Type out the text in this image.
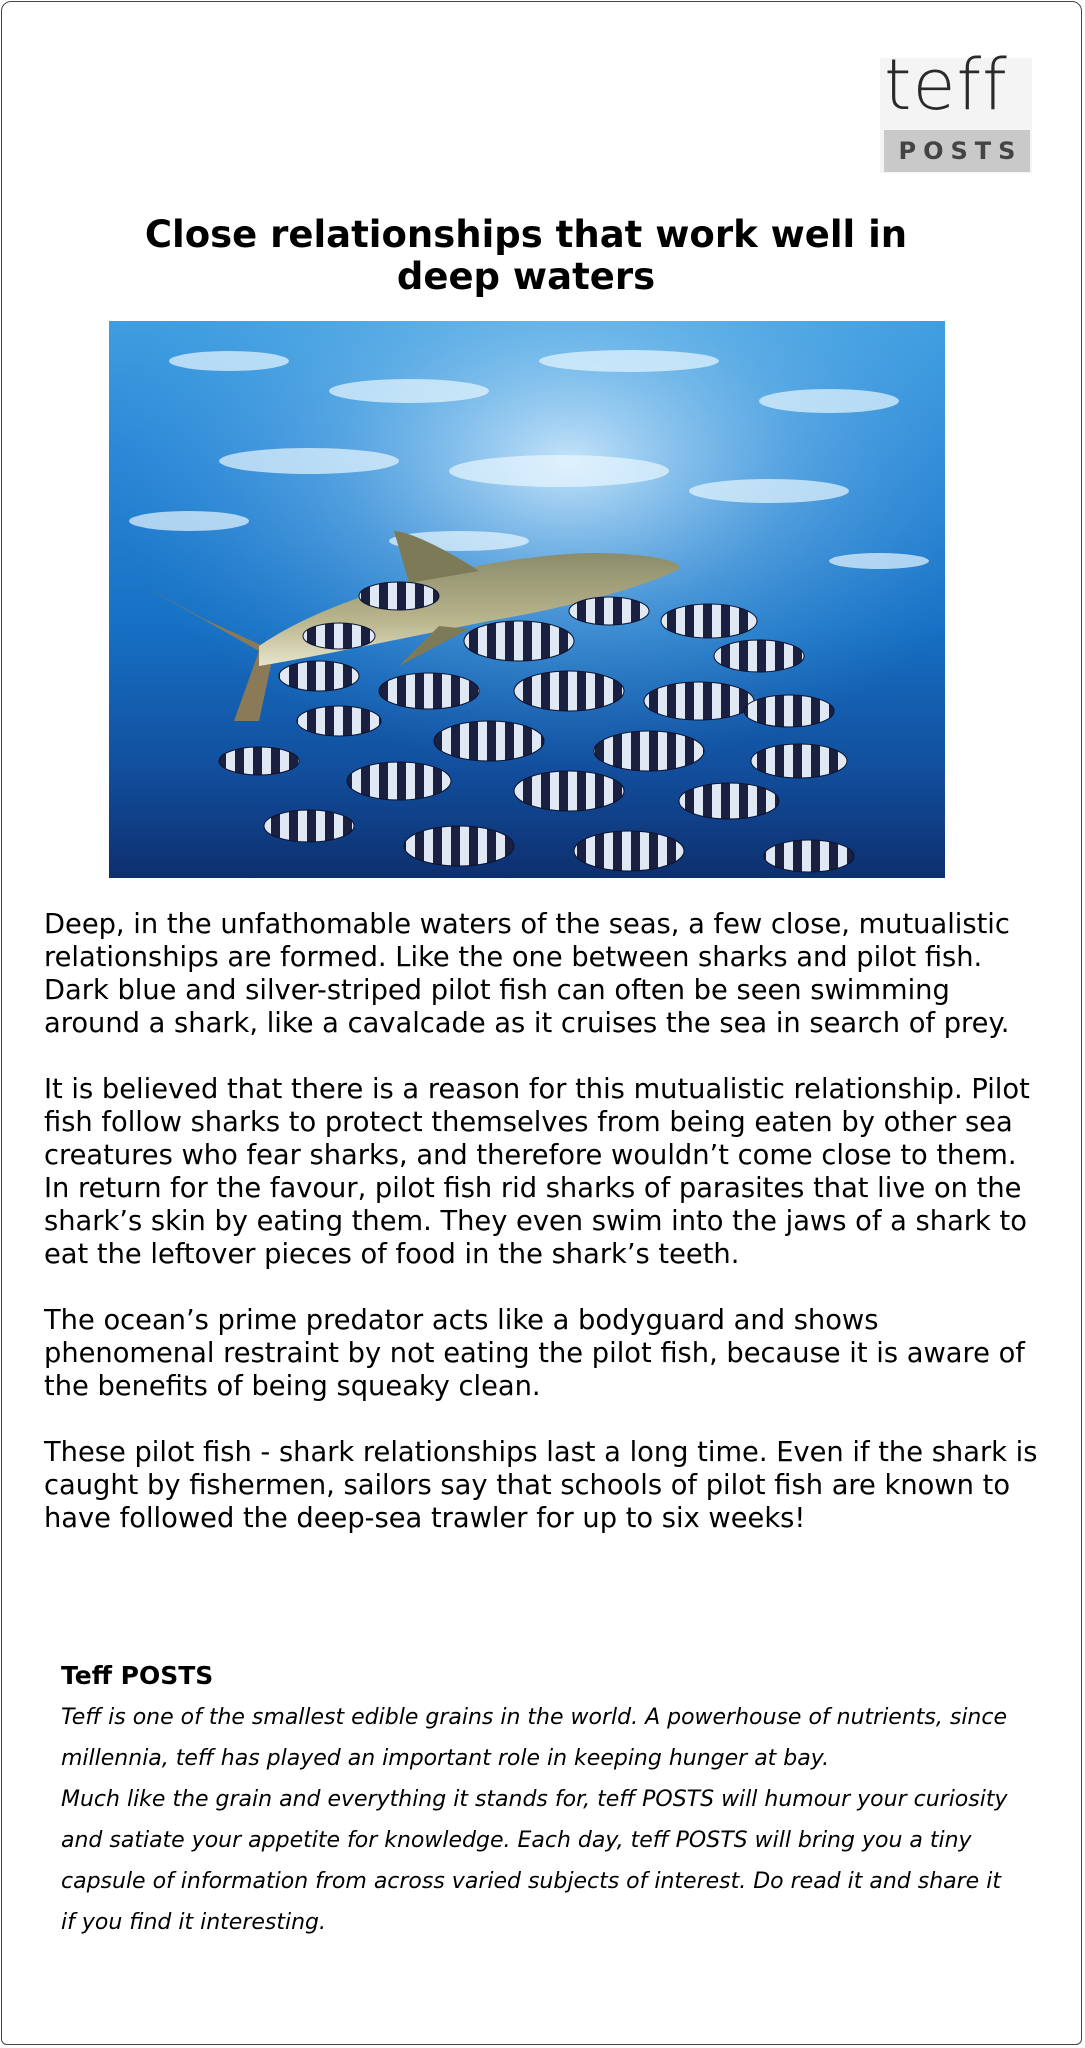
teff
POSTS
Close relationships that work well in deep waters

Deep, in the unfathomable waters of the seas, a few close, mutualistic relationships are formed. Like the one between sharks and pilot fish. Dark blue and silver-striped pilot fish can often be seen swimming around a shark, like a cavalcade as it cruises the sea in search of prey.

It is believed that there is a reason for this mutualistic relationship. Pilot fish follow sharks to protect themselves from being eaten by other sea creatures who fear sharks, and therefore wouldn’t come close to them. In return for the favour, pilot fish rid sharks of parasites that live on the shark’s skin by eating them. They even swim into the jaws of a shark to eat the leftover pieces of food in the shark’s teeth.

The ocean’s prime predator acts like a bodyguard and shows phenomenal restraint by not eating the pilot fish, because it is aware of the benefits of being squeaky clean.

These pilot fish - shark relationships last a long time. Even if the shark is caught by fishermen, sailors say that schools of pilot fish are known to have followed the deep-sea trawler for up to six weeks!

Teff POSTS

Teff is one of the smallest edible grains in the world. A powerhouse of nutrients, since millennia, teff has played an important role in keeping hunger at bay.

Much like the grain and everything it stands for, teff POSTS will humour your curiosity and satiate your appetite for knowledge. Each day, teff POSTS will bring you a tiny capsule of information from across varied subjects of interest. Do read it and share it if you find it interesting.
